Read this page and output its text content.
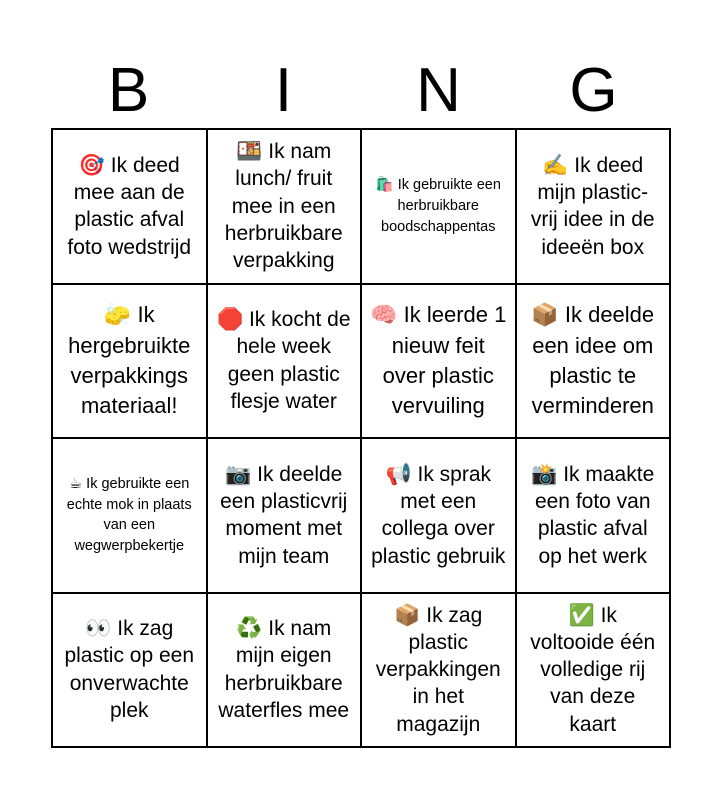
B	I	N	G
🎯 Ik deed mee aan de plastic afval foto wedstrijd
🍱 Ik nam lunch/ fruit mee in een herbruikbare verpakking
🛍️ Ik gebruikte een herbruikbare boodschappentas
✍️ Ik deed mijn plastic-vrij idee in de ideeën box
🧽 Ik hergebruikte verpakkings materiaal!
🛑 Ik kocht de hele week geen plastic flesje water
🧠 Ik leerde 1 nieuw feit over plastic vervuiling
📦 Ik deelde een idee om plastic te verminderen
☕ Ik gebruikte een echte mok in plaats van een wegwerpbekertje
📷 Ik deelde een plasticvrij moment met mijn team
📢 Ik sprak met een collega over plastic gebruik
📸 Ik maakte een foto van plastic afval op het werk
👀 Ik zag plastic op een onverwachte plek
♻️ Ik nam mijn eigen herbruikbare waterfles mee
📦 Ik zag plastic verpakkingen in het magazijn
✅ Ik voltooide één volledige rij van deze kaart
